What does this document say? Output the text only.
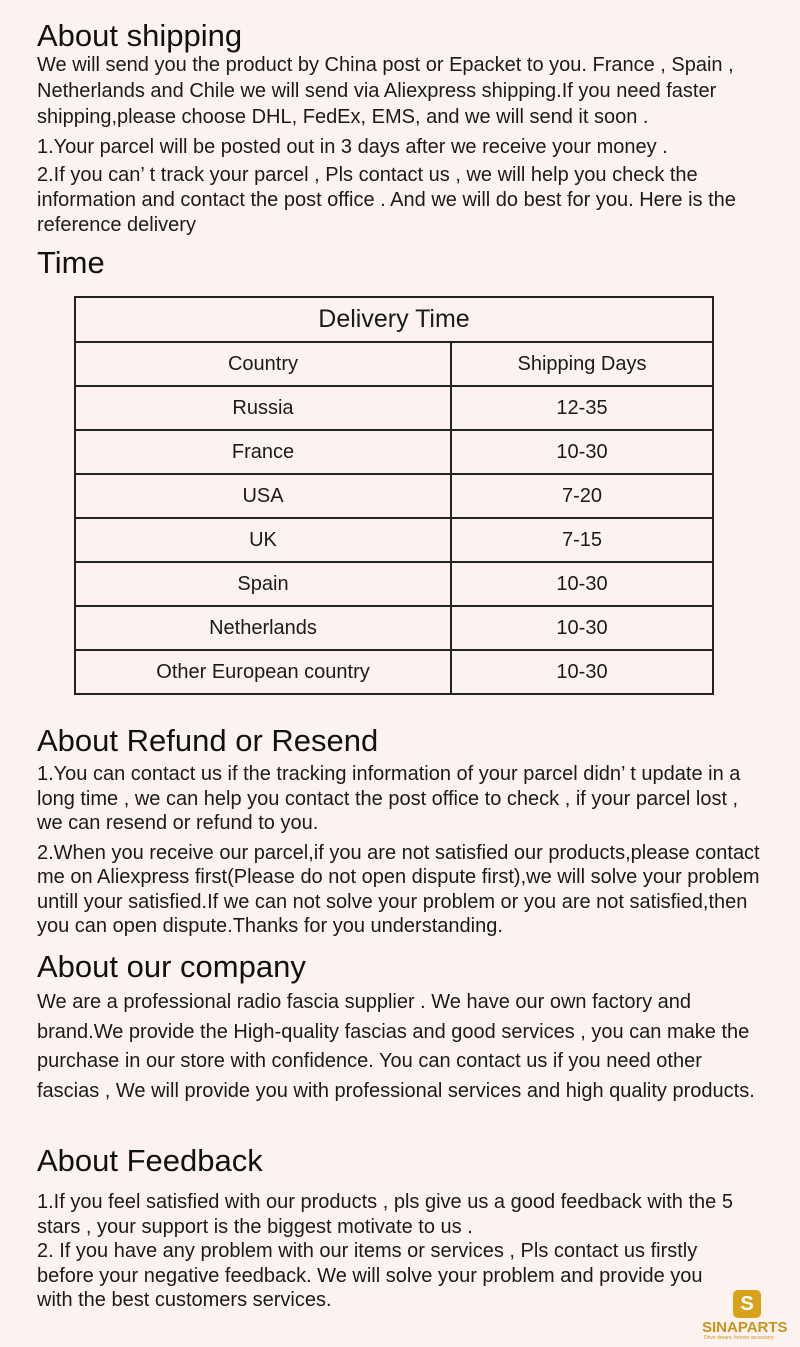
About shipping

We will send you the product by China post or Epacket to you. France , Spain , Netherlands and Chile we will send via Aliexpress shipping.If you need faster shipping,please choose DHL, FedEx, EMS, and we will send it soon .

1.Your parcel will be posted out in 3 days after we receive your money .

2.If you can’ t track your parcel , Pls contact us , we will help you check the information and contact the post office . And we will do best for you. Here is the reference delivery

Time
Delivery Time	
Country	Shipping Days
Russia	12-35
France	10-30
USA	7-20
UK	7-15
Spain	10-30
Netherlands	10-30
Other European country	10-30
About Refund or Resend

1.You can contact us if the tracking information of your parcel didn’ t update in a long time , we can help you contact the post office to check , if your parcel lost , we can resend or refund to you.

2.When you receive our parcel,if you are not satisfied our products,please contact me on Aliexpress first(Please do not open dispute first),we will solve your problem untill your satisfied.If we can not solve your problem or you are not satisfied,then you can open dispute.Thanks for you understanding.

About our company
We are a professional radio fascia supplier . We have our own factory and brand.We provide the High-quality fascias and good services , you can make the purchase in our store with confidence. You can contact us if you need other fascias , We will provide you with professional services and high quality products.
About Feedback

1.If you feel satisfied with our products , pls give us a good feedback with the 5 stars , your support is the biggest motivate to us .

2. If you have any problem with our items or services , Pls contact us firstly before your negative feedback. We will solve your problem and provide you with the best customers services.	S
SINAPARTS
Drive dream, forever accessory
